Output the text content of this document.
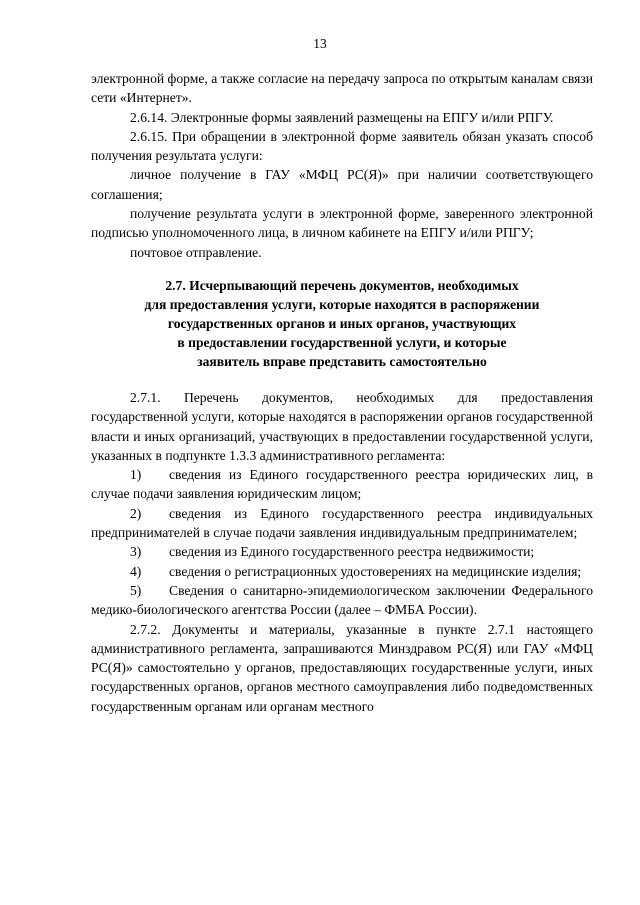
13

электронной форме, а также согласие на передачу запроса по открытым каналам связи сети «Интернет».

2.6.14. Электронные формы заявлений размещены на ЕПГУ и/или РПГУ.

2.6.15. При обращении в электронной форме заявитель обязан указать способ получения результата услуги:

личное получение в ГАУ «МФЦ РС(Я)» при наличии соответствующего соглашения;

получение результата услуги в электронной форме, заверенного электронной подписью уполномоченного лица, в личном кабинете на ЕПГУ и/или РПГУ;

почтовое отправление.

2.7. Исчерпывающий перечень документов, необходимых
для предоставления услуги, которые находятся в распоряжении
государственных органов и иных органов, участвующих
в предоставлении государственной услуги, и которые
заявитель вправе представить самостоятельно

2.7.1. Перечень документов, необходимых для предоставления государственной услуги, которые находятся в распоряжении органов государственной власти и иных организаций, участвующих в предоставлении государственной услуги, указанных в подпункте 1.3.3 административного регламента:

1) сведения из Единого государственного реестра юридических лиц, в случае подачи заявления юридическим лицом;

2) сведения из Единого государственного реестра индивидуальных предпринимателей в случае подачи заявления индивидуальным предпринимателем;

3) сведения из Единого государственного реестра недвижимости;

4) сведения о регистрационных удостоверениях на медицинские изделия;

5) Сведения о санитарно-эпидемиологическом заключении Федерального медико-биологического агентства России (далее – ФМБА России).

2.7.2. Документы и материалы, указанные в пункте 2.7.1 настоящего административного регламента, запрашиваются Минздравом РС(Я) или ГАУ «МФЦ РС(Я)» самостоятельно у органов, предоставляющих государственные услуги, иных государственных органов, органов местного самоуправления либо подведомственных государственным органам или органам местного
